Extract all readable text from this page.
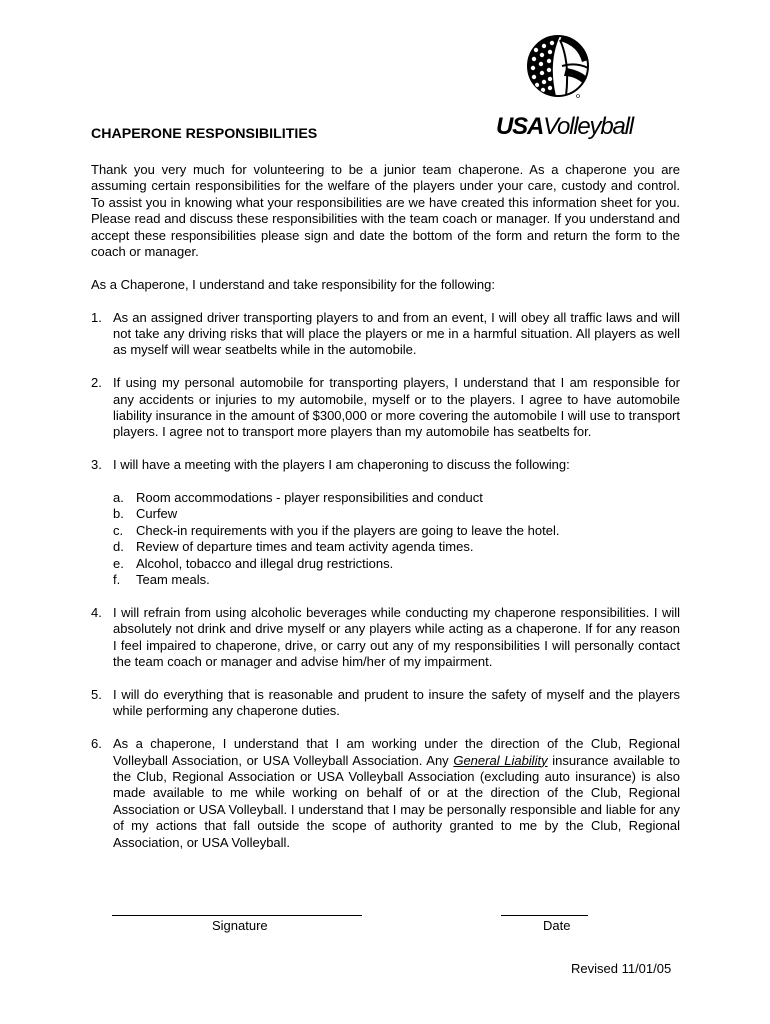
USAVolleyball
CHAPERONE RESPONSIBILITIES

Thank you very much for volunteering to be a junior team chaperone. As a chaperone you are assuming certain responsibilities for the welfare of the players under your care, custody and control. To assist you in knowing what your responsibilities are we have created this information sheet for you. Please read and discuss these responsibilities with the team coach or manager. If you understand and accept these responsibilities please sign and date the bottom of the form and return the form to the coach or manager.

As a Chaperone, I understand and take responsibility for the following:

1. As an assigned driver transporting players to and from an event, I will obey all traffic laws and will not take any driving risks that will place the players or me in a harmful situation. All players as well as myself will wear seatbelts while in the automobile.
2. If using my personal automobile for transporting players, I understand that I am responsible for any accidents or injuries to my automobile, myself or to the players. I agree to have automobile liability insurance in the amount of $300,000 or more covering the automobile I will use to transport players. I agree not to transport more players than my automobile has seatbelts for.
3. I will have a meeting with the players I am chaperoning to discuss the following:
a. Room accommodations - player responsibilities and conduct
b. Curfew
c. Check-in requirements with you if the players are going to leave the hotel.
d. Review of departure times and team activity agenda times.
e. Alcohol, tobacco and illegal drug restrictions.
f. Team meals.
4. I will refrain from using alcoholic beverages while conducting my chaperone responsibilities. I will absolutely not drink and drive myself or any players while acting as a chaperone. If for any reason I feel impaired to chaperone, drive, or carry out any of my responsibilities I will personally contact the team coach or manager and advise him/her of my impairment.
5. I will do everything that is reasonable and prudent to insure the safety of myself and the players while performing any chaperone duties.
6. As a chaperone, I understand that I am working under the direction of the Club, Regional Volleyball Association, or USA Volleyball Association. Any General Liability insurance available to the Club, Regional Association or USA Volleyball Association (excluding auto insurance) is also made available to me while working on behalf of or at the direction of the Club, Regional Association or USA Volleyball. I understand that I may be personally responsible and liable for any of my actions that fall outside the scope of authority granted to me by the Club, Regional Association, or USA Volleyball.
Signature	Date
Revised 11/01/05
